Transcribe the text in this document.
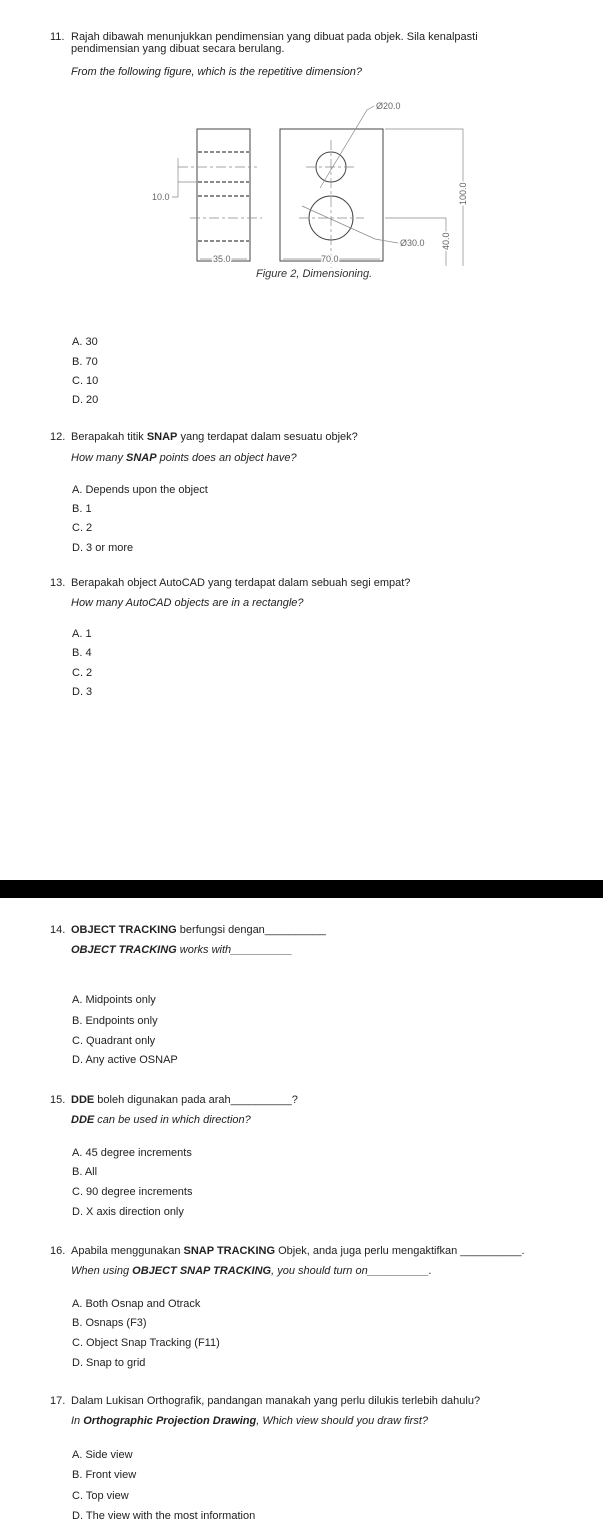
11. Rajah dibawah menunjukkan pendimensian yang dibuat pada objek. Sila kenalpasti
pendimensian yang dibuat secara berulang.
From the following figure, which is the repetitive dimension?
Ø20.0
Ø30.0
10.0
35.0	70.0
100.0
40.0
Figure 2, Dimensioning.
A. 30
B. 70
C. 10
D. 20
12. Berapakah titik SNAP yang terdapat dalam sesuatu objek?
How many SNAP points does an object have?
A. Depends upon the object
B. 1
C. 2
D. 3 or more
13. Berapakah object AutoCAD yang terdapat dalam sebuah segi empat?
How many AutoCAD objects are in a rectangle?
A. 1
B. 4
C. 2
D. 3
14. OBJECT TRACKING berfungsi dengan__________
OBJECT TRACKING works with__________
A. Midpoints only
B. Endpoints only
C. Quadrant only
D. Any active OSNAP
15. DDE boleh digunakan pada arah__________?
DDE can be used in which direction?
A. 45 degree increments
B. All
C. 90 degree increments
D. X axis direction only
16. Apabila menggunakan SNAP TRACKING Objek, anda juga perlu mengaktifkan __________.
When using OBJECT SNAP TRACKING, you should turn on__________.
A. Both Osnap and Otrack
B. Osnaps (F3)
C. Object Snap Tracking (F11)
D. Snap to grid
17. Dalam Lukisan Orthografik, pandangan manakah yang perlu dilukis terlebih dahulu?
In Orthographic Projection Drawing, Which view should you draw first?
A. Side view
B. Front view
C. Top view
D. The view with the most information
